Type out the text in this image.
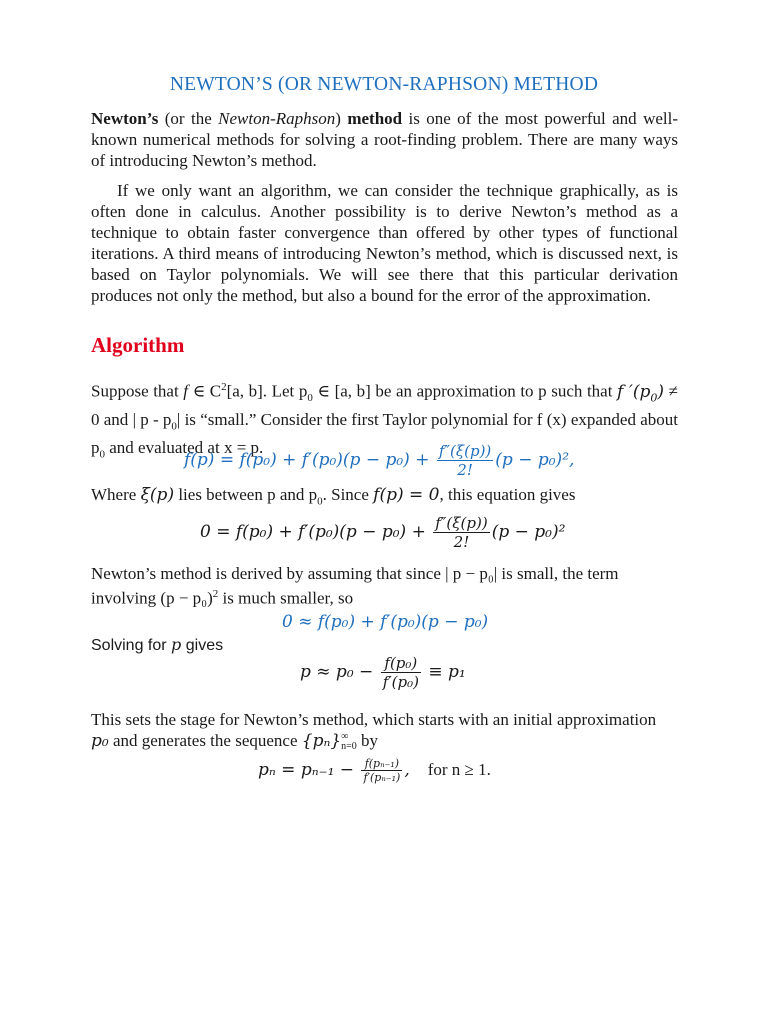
NEWTON’S (OR NEWTON-RAPHSON) METHOD
Newton’s (or the Newton-Raphson) method is one of the most powerful and well-known numerical methods for solving a root-finding problem. There are many ways of introducing Newton’s method.
If we only want an algorithm, we can consider the technique graphically, as is often done in calculus. Another possibility is to derive Newton’s method as a technique to obtain faster convergence than offered by other types of functional iterations. A third means of introducing Newton’s method, which is discussed next, is based on Taylor polynomials. We will see there that this particular derivation produces not only the method, but also a bound for the error of the approximation.
Algorithm
Suppose that f ∈ $C^2[a$, b]. Let $p_0$ ∈ [a, b] be an approximation to p such that f $'(p_0) \ne 0$ and | p - $p_0|$ is “small.” Consider the first Taylor polynomial for f (x) expanded about $p_0$ and evaluated at x = p.
$f(p) = f(p_0) + f'(p_0)(p - p_0) + \frac{f''(\xi(p))}{2!} (p - p_0)^2$,
Where ξ(p) lies between p and $p_0$. Since f(p) = 0, this equation gives
$0 = f(p_0) + f'(p_0)(p - p_0) + \frac{f''(\xi(p))}{2!} (p - p_0)^2$
Newton’s method is derived by assuming that since | p − p₀| is small, the term
involving $(p - p_0)^2$ is much smaller, so
0 ≈ f(p₀) + f′(p₀)(p − p₀)
Solving for p gives
$p \approx p_0 - \frac{\text{f(p₀)}}{\text{f′(p₀)}} \equiv p_1$
This sets the stage for Newton’s method, which starts with an initial approximation
p₀ and generates the sequence {pₙ} ∞
n=0 by
$p_n = p_{n-1} - \frac{\text{f(pₙ₋₁)}}{\text{f′(pₙ₋₁)}}$ , for n ≥ 1.
